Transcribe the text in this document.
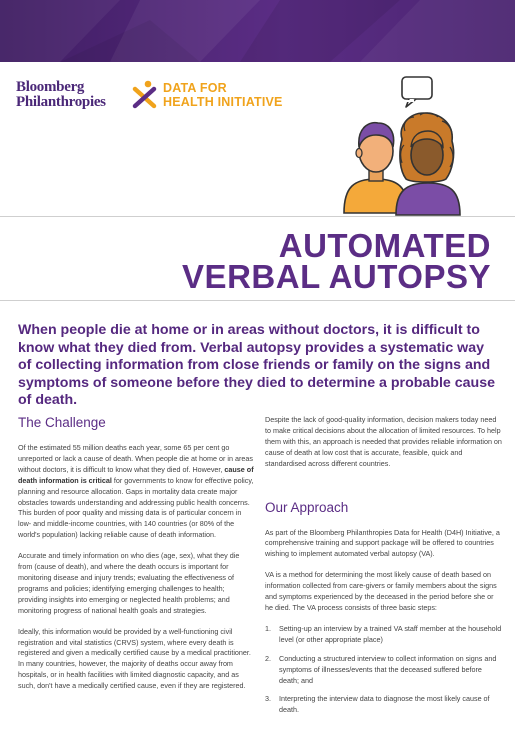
Bloomberg
Philanthropies
DATA FOR
HEALTH INITIATIVE
AUTOMATED
VERBAL AUTOPSY
When people die at home or in areas without doctors, it is difficult to know what they died from. Verbal autopsy provides a systematic way of collecting information from close friends or family on the signs and symptoms of someone before they died to determine a probable cause of death.
The Challenge

Of the estimated 55 million deaths each year, some 65 per cent go unreported or lack a cause of death. When people die at home or in areas without doctors, it is difficult to know what they died of. However, cause of death information is critical for governments to know for effective policy, planning and resource allocation. Gaps in mortality data create major obstacles towards understanding and addressing public health concerns. This burden of poor quality and missing data is of particular concern in low- and middle-income countries, with 140 countries (or 80% of the world's population) lacking reliable cause of death information.

Accurate and timely information on who dies (age, sex), what they die from (cause of death), and where the death occurs is important for monitoring disease and injury trends; evaluating the effectiveness of programs and policies; identifying emerging challenges to health; providing insights into emerging or neglected health problems; and monitoring progress of national health goals and strategies.

Ideally, this information would be provided by a well-functioning civil registration and vital statistics (CRVS) system, where every death is registered and given a medically certified cause by a medical practitioner. In many countries, however, the majority of deaths occur away from hospitals, or in health facilities with limited diagnostic capacity, and as such, don't have a medically certified cause, even if they are registered.

Despite the lack of good-quality information, decision makers today need to make critical decisions about the allocation of limited resources. To help them with this, an approach is needed that provides reliable information on cause of death at low cost that is accurate, feasible, quick and standardised across different countries.

Our Approach

As part of the Bloomberg Philanthropies Data for Health (D4H) Initiative, a comprehensive training and support package will be offered to countries wishing to implement automated verbal autopsy (VA).

VA is a method for determining the most likely cause of death based on information collected from care-givers or family members about the signs and symptoms experienced by the deceased in the period before she or he died. The VA process consists of three basic steps:

1. Setting-up an interview by a trained VA staff member at the household level (or other appropriate place)
2. Conducting a structured interview to collect information on signs and symptoms of illnesses/events that the deceased suffered before death; and
3. Interpreting the interview data to diagnose the most likely cause of death.
